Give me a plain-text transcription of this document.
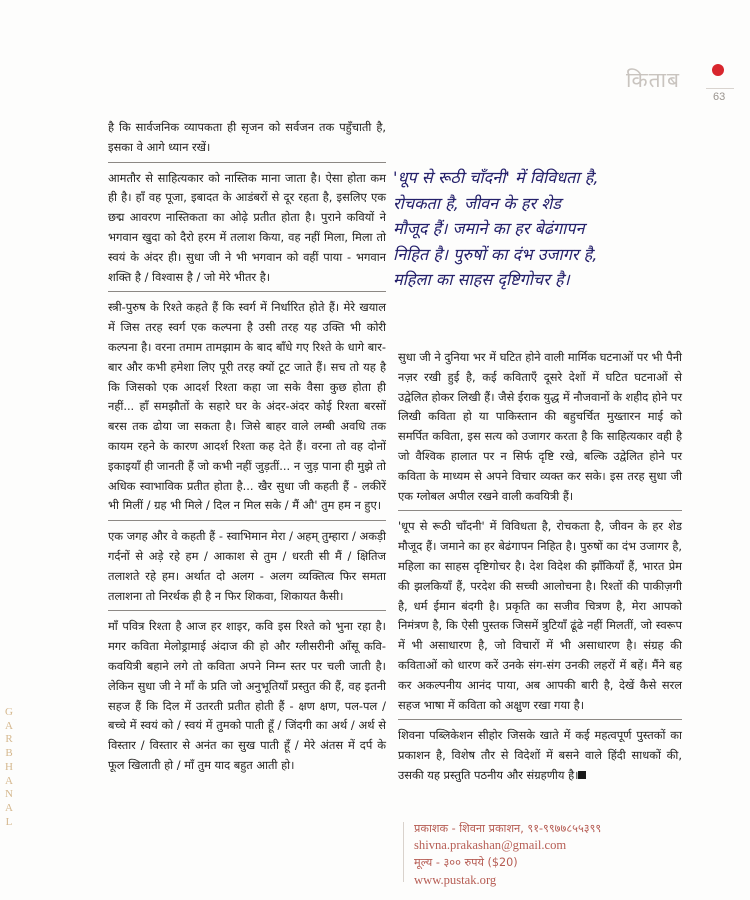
किताब
63
G
A
R
B
H
A
N
A
L

है कि सार्वजनिक व्यापकता ही सृजन को सर्वजन तक पहुँचाती है, इसका वे आगे ध्यान रखें।

आमतौर से साहित्यकार को नास्तिक माना जाता है। ऐसा होता कम ही है। हाँ वह पूजा, इबादत के आडंबरों से दूर रहता है, इसलिए एक छद्म आवरण नास्तिकता का ओढ़े प्रतीत होता है। पुराने कवियों ने भगवान खुदा को दैरो हरम में तलाश किया, वह नहीं मिला, मिला तो स्वयं के अंदर ही। सुधा जी ने भी भगवान को वहीं पाया - भगवान शक्ति है / विश्वास है / जो मेरे भीतर है।

स्त्री-पुरुष के रिश्ते कहते हैं कि स्वर्ग में निर्धारित होते हैं। मेरे खयाल में जिस तरह स्वर्ग एक कल्पना है उसी तरह यह उक्ति भी कोरी कल्पना है। वरना तमाम तामझाम के बाद बाँधे गए रिश्ते के धागे बार-बार और कभी हमेशा लिए पूरी तरह क्यों टूट जाते हैं। सच तो यह है कि जिसको एक आदर्श रिश्ता कहा जा सके वैसा कुछ होता ही नहीं... हाँ समझौतों के सहारे घर के अंदर-अंदर कोई रिश्ता बरसों बरस तक ढोया जा सकता है। जिसे बाहर वाले लम्बी अवधि तक कायम रहने के कारण आदर्श रिश्ता कह देते हैं। वरना तो वह दोनों इकाइयाँ ही जानती हैं जो कभी नहीं जुड़तीं... न जुड़ पाना ही मुझे तो अधिक स्वाभाविक प्रतीत होता है... खैर सुधा जी कहती हैं - लकीरें भी मिलीं / ग्रह भी मिले / दिल न मिल सके / मैं औ' तुम हम न हुए।

एक जगह और वे कहती हैं - स्वाभिमान मेरा / अहम् तुम्हारा / अकड़ी गर्दनों से अड़े रहे हम / आकाश से तुम / धरती सी मैं / क्षितिज तलाशते रहे हम। अर्थात दो अलग - अलग व्यक्तित्व फिर समता तलाशना तो निरर्थक ही है न फिर शिकवा, शिकायत कैसी।

माँ पवित्र रिश्ता है आज हर शाइर, कवि इस रिश्ते को भुना रहा है। मगर कविता मेलोड्रामाई अंदाज की हो और ग्लीसरीनी आँसू कवि-कवयित्री बहाने लगे तो कविता अपने निम्न स्तर पर चली जाती है। लेकिन सुधा जी ने माँ के प्रति जो अनुभूतियाँ प्रस्तुत की हैं, वह इतनी सहज हैं कि दिल में उतरती प्रतीत होती हैं - क्षण क्षण, पल-पल / बच्चे में स्वयं को / स्वयं में तुमको पाती हूँ / जिंदगी का अर्थ / अर्थ से विस्तार / विस्तार से अनंत का सुख पाती हूँ / मेरे अंतस में दर्प के फूल खिलाती हो / माँ तुम याद बहुत आती हो।

'धूप से रूठी चाँदनी' में विविधता है,
रोचकता है, जीवन के हर शेड
मौजूद हैं। जमाने का हर बेढंगापन
निहित है। पुरुषों का दंभ उजागर है,
महिला का साहस दृष्टिगोचर है।

सुधा जी ने दुनिया भर में घटित होने वाली मार्मिक घटनाओं पर भी पैनी नज़र रखी हुई है, कई कविताएँ दूसरे देशों में घटित घटनाओं से उद्वेलित होकर लिखी हैं। जैसे ईराक युद्ध में नौजवानों के शहीद होने पर लिखी कविता हो या पाकिस्तान की बहुचर्चित मुख्तारन माई को समर्पित कविता, इस सत्य को उजागर करता है कि साहित्यकार वही है जो वैश्विक हालात पर न सिर्फ दृष्टि रखे, बल्कि उद्वेलित होने पर कविता के माध्यम से अपने विचार व्यक्त कर सके। इस तरह सुधा जी एक ग्लोबल अपील रखने वाली कवयित्री हैं।

'धूप से रूठी चाँदनी' में विविधता है, रोचकता है, जीवन के हर शेड मौजूद हैं। जमाने का हर बेढंगापन निहित है। पुरुषों का दंभ उजागर है, महिला का साहस दृष्टिगोचर है। देश विदेश की झाँकियाँ हैं, भारत प्रेम की झलकियाँ हैं, परदेश की सच्ची आलोचना है। रिश्तों की पाकीज़गी है, धर्म ईमान बंदगी है। प्रकृति का सजीव चित्रण है, मेरा आपको निमंत्रण है, कि ऐसी पुस्तक जिसमें त्रुटियाँ ढूंढे नहीं मिलतीं, जो स्वरूप में भी असाधारण है, जो विचारों में भी असाधारण है। संग्रह की कविताओं को धारण करें उनके संग-संग उनकी लहरों में बहें। मैंने बह कर अकल्पनीय आनंद पाया, अब आपकी बारी है, देखें कैसे सरल सहज भाषा में कविता को अक्षुण रखा गया है।

शिवना पब्लिकेशन सीहोर जिसके खाते में कई महत्वपूर्ण पुस्तकों का प्रकाशन है, विशेष तौर से विदेशों में बसने वाले हिंदी साधकों की, उसकी यह प्रस्तुति पठनीय और संग्रहणीय है।

प्रकाशक - शिवना प्रकाशन, ९१-९९७७८५५३९९
shivna.prakashan@gmail.com
मूल्य - ३०० रुपये ($20)
www.pustak.org
